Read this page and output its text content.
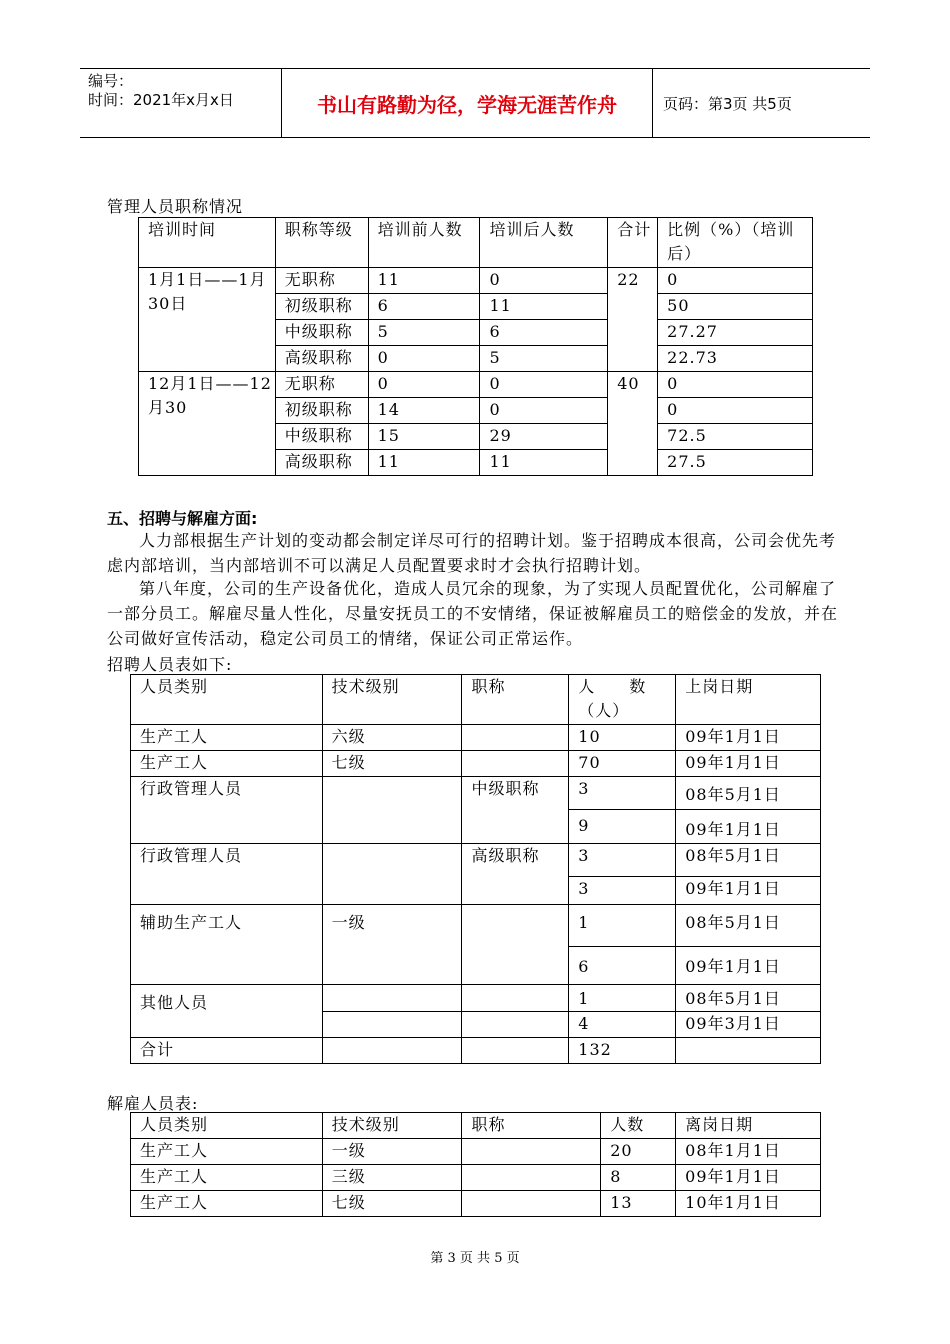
编号：
时间：2021年x月x日	书山有路勤为径，学海无涯苦作舟	页码：第3页 共5页
管理人员职称情况
培训时间	职称等级	培训前人数	培训后人数	合计	比例（%）（培训后）
1月1日——1月30日	无职称	11	0	22	0
	初级职称	6	11		50
	中级职称	5	6		27.27
	高级职称	0	5		22.73
12月1日——12月30	无职称	0	0	40	0
	初级职称	14	0		0
	中级职称	15	29		72.5
	高级职称	11	11		27.5
五、招聘与解雇方面:
人力部根据生产计划的变动都会制定详尽可行的招聘计划。鉴于招聘成本很高，公司会优先考虑内部培训，当内部培训不可以满足人员配置要求时才会执行招聘计划。
第八年度，公司的生产设备优化，造成人员冗余的现象，为了实现人员配置优化，公司解雇了一部分员工。解雇尽量人性化，尽量安抚员工的不安情绪，保证被解雇员工的赔偿金的发放，并在公司做好宣传活动，稳定公司员工的情绪，保证公司正常运作。
招聘人员表如下:
人员类别	技术级别	职称	人　　数（人）	上岗日期
生产工人	六级		10	09年1月1日
生产工人	七级		70	09年1月1日
行政管理人员		中级职称	3	08年5月1日
			9	09年1月1日
行政管理人员		高级职称	3	08年5月1日
			3	09年1月1日
辅助生产工人	一级		1	08年5月1日
			6	09年1月1日
其他人员			1	08年5月1日
			4	09年3月1日
合计			132	
解雇人员表:
人员类别	技术级别	职称	人数	离岗日期
生产工人	一级		20	08年1月1日
生产工人	三级		8	09年1月1日
生产工人	七级		13	10年1月1日
第 3 页 共 5 页
